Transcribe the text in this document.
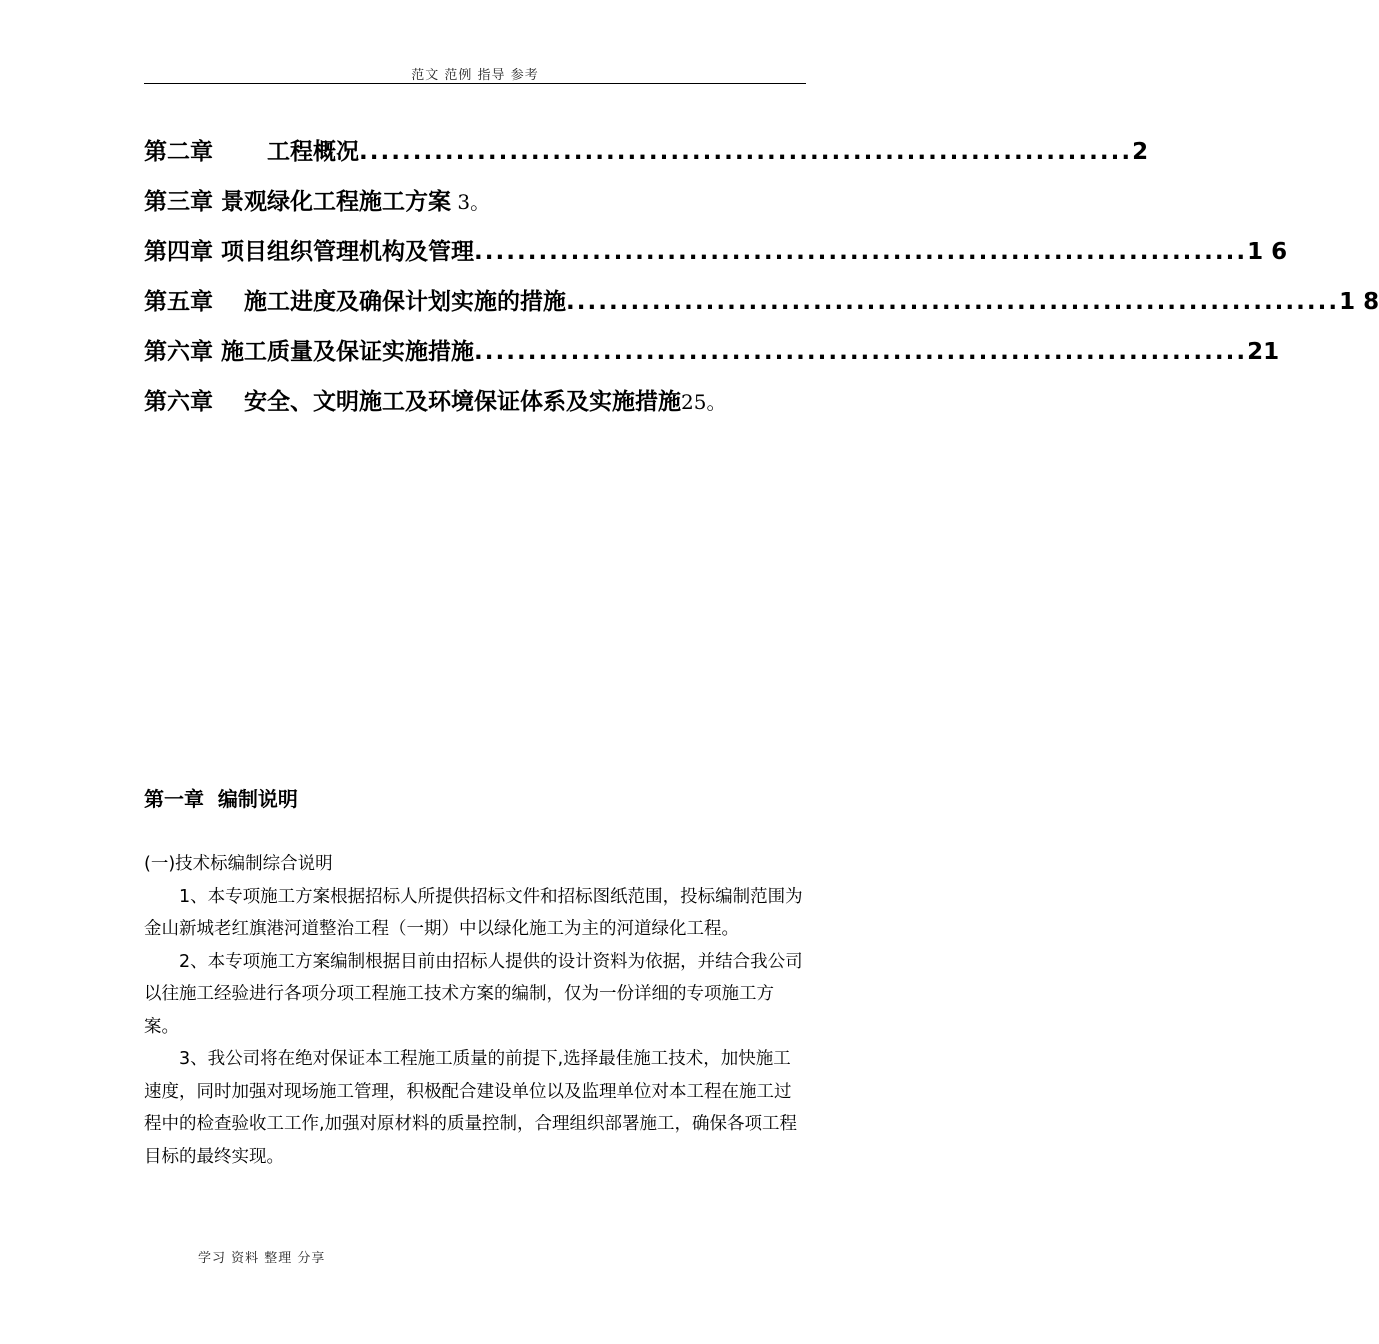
范文 范例 指导 参考
第二章
　　 工程概况 ........................................................................ 2
第三章
景观绿化工程施工方案 3。
第四章
项目组织管理机构及管理 ........................................................................ 1 6
第五章
　 施工进度及确保计划实施的措施 ........................................................................ 1 8
第六章
施工质量及保证实施措施 ........................................................................ 21
第六章
　 安全、文明施工及环境保证体系及实施措施 25。
第一章  编制说明

(一)技术标编制综合说明

1、本专项施工方案根据招标人所提供招标文件和招标图纸范围，投标编制范围为金山新城老红旗港河道整治工程（一期）中以绿化施工为主的河道绿化工程。

2、本专项施工方案编制根据目前由招标人提供的设计资料为依据，并结合我公司以往施工经验进行各项分项工程施工技术方案的编制，仅为一份详细的专项施工方案。

3、我公司将在绝对保证本工程施工质量的前提下,选择最佳施工技术，加快施工速度，同时加强对现场施工管理，积极配合建设单位以及监理单位对本工程在施工过程中的检查验收工工作,加强对原材料的质量控制，合理组织部署施工，确保各项工程目标的最终实现。

学习 资料 整理 分享
